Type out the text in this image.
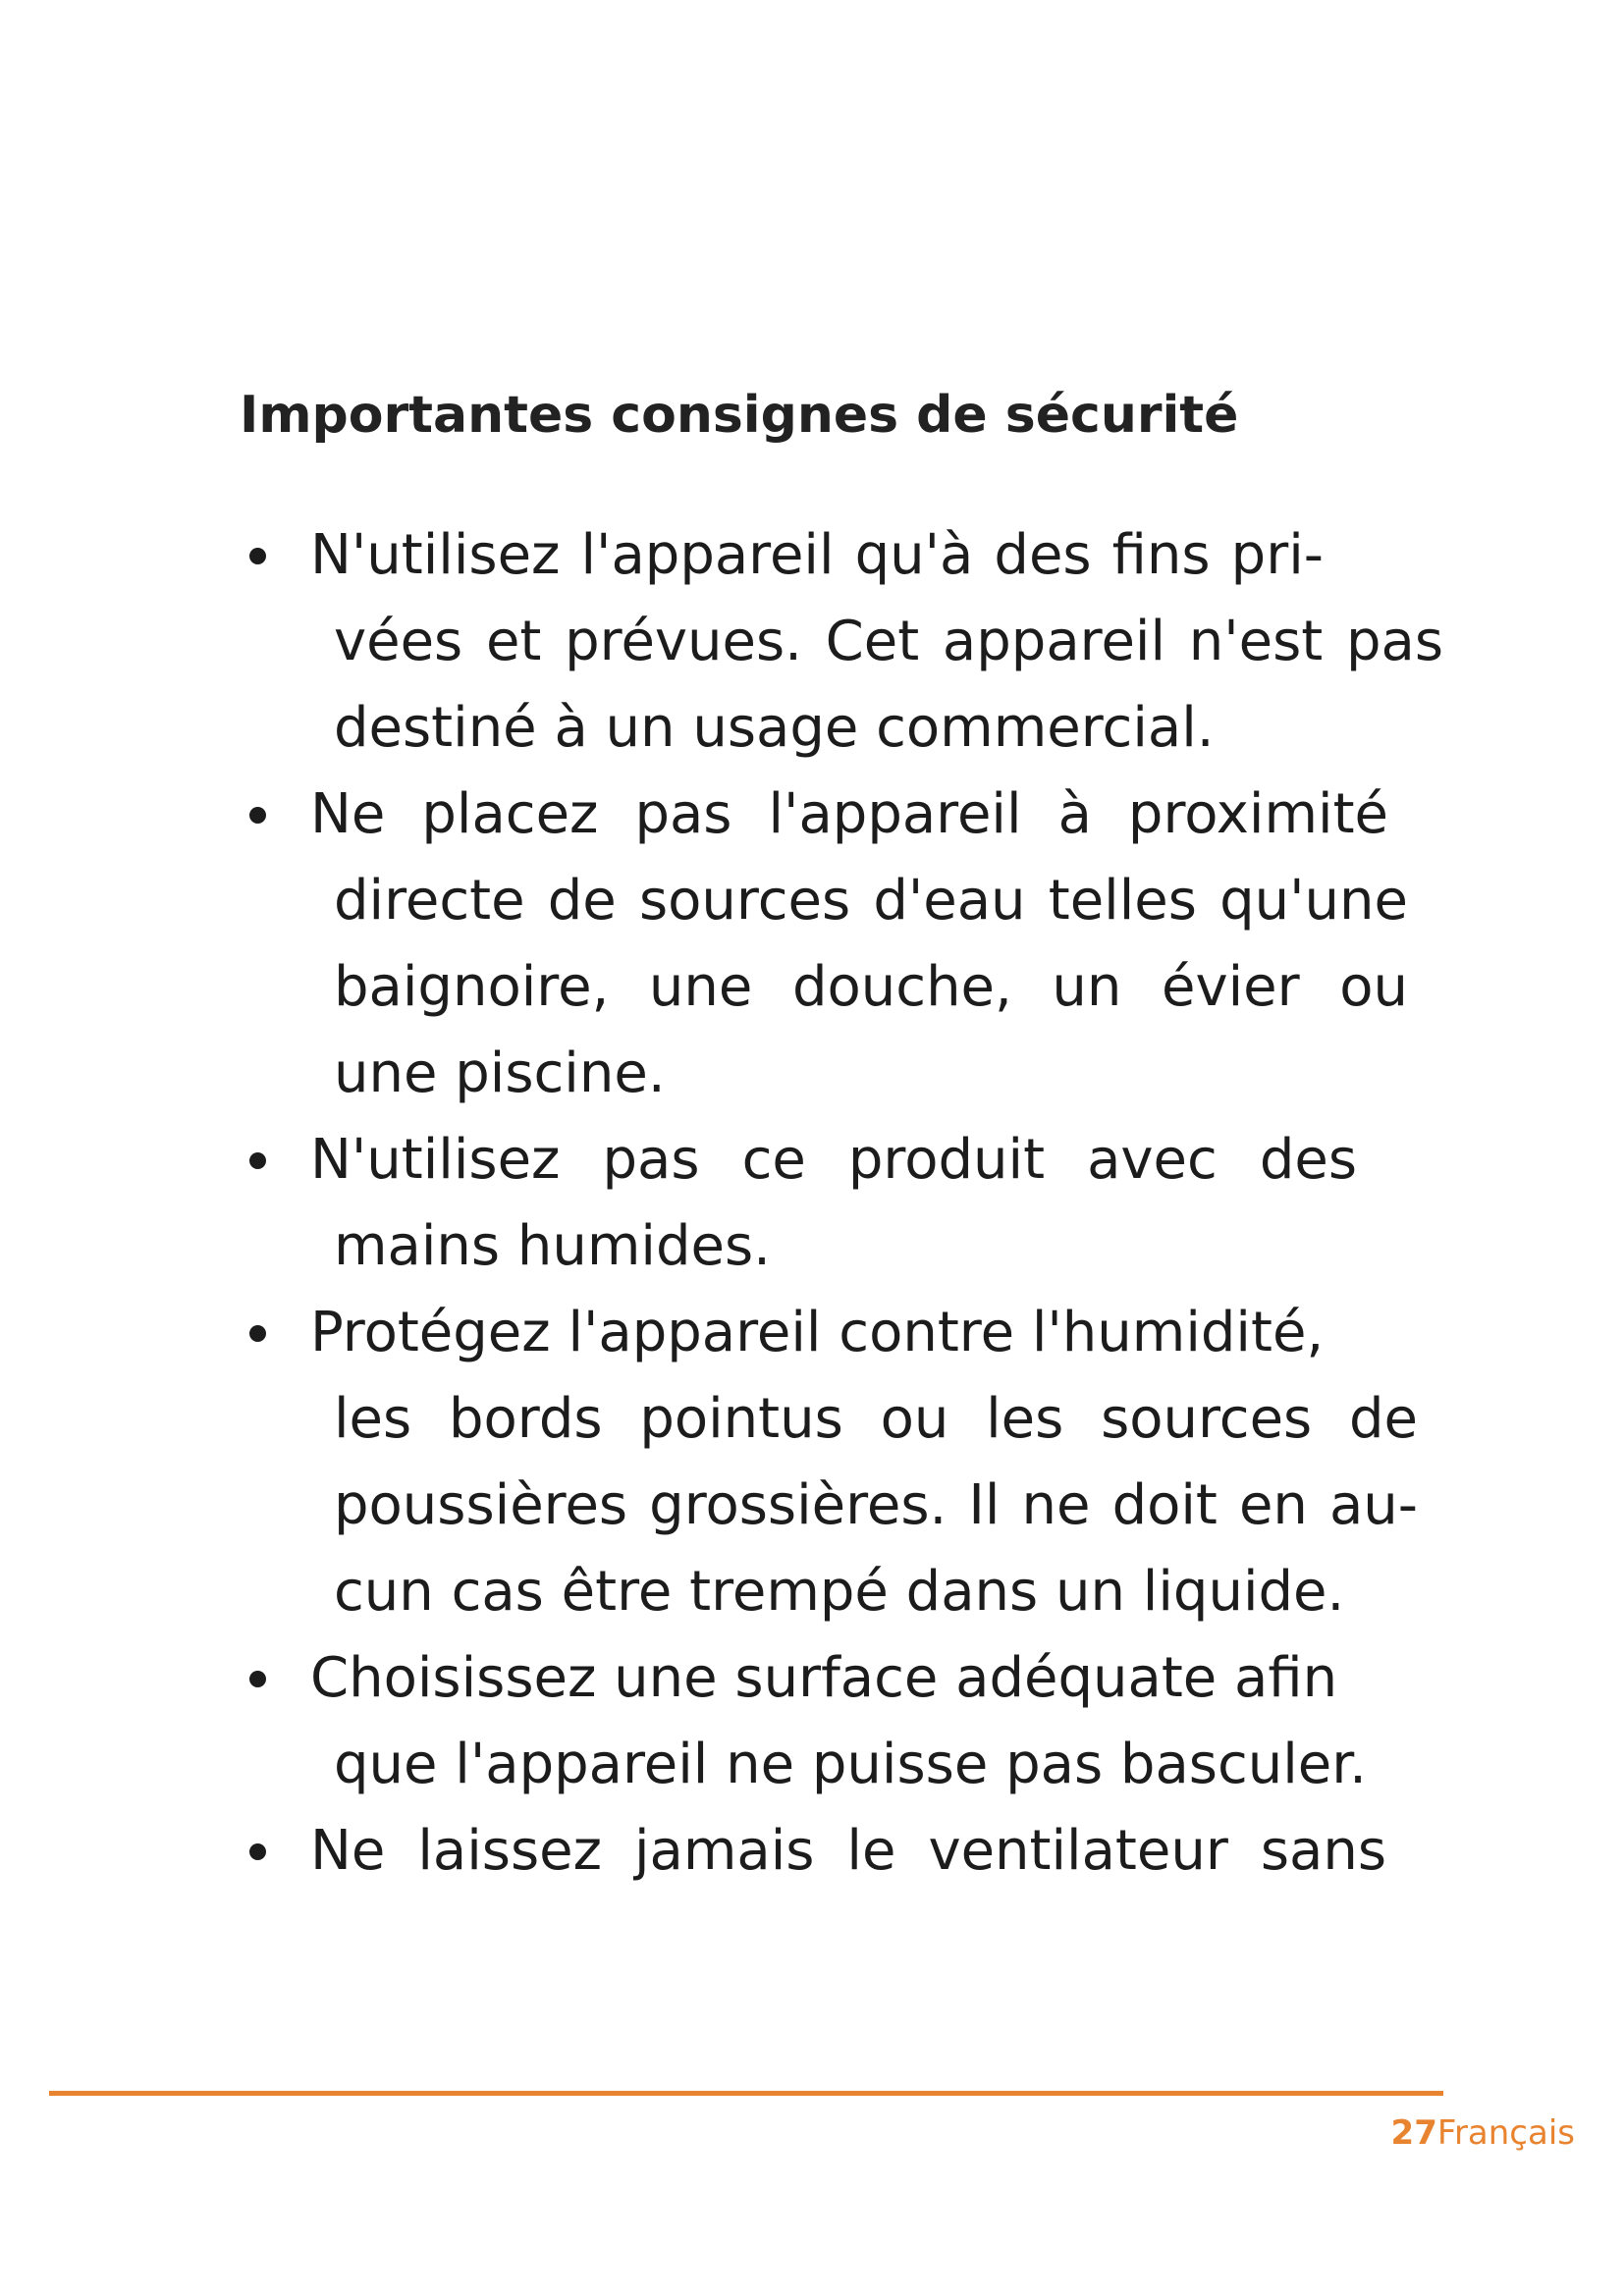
Importantes consignes de sécurité
N'utilisez l'appareil qu'à des fins pri-
vées et prévues. Cet appareil n'est pas
destiné à un usage commercial.
Ne placez pas l'appareil à proximité
directe de sources d'eau telles qu'une
baignoire, une douche, un évier ou
une piscine.
N'utilisez pas ce produit avec des
mains humides.
Protégez l'appareil contre l'humidité,
les bords pointus ou les sources de
poussières grossières. Il ne doit en au-
cun cas être trempé dans un liquide.
Choisissez une surface adéquate afin
que l'appareil ne puisse pas basculer.
Ne laissez jamais le ventilateur sans
27Français
